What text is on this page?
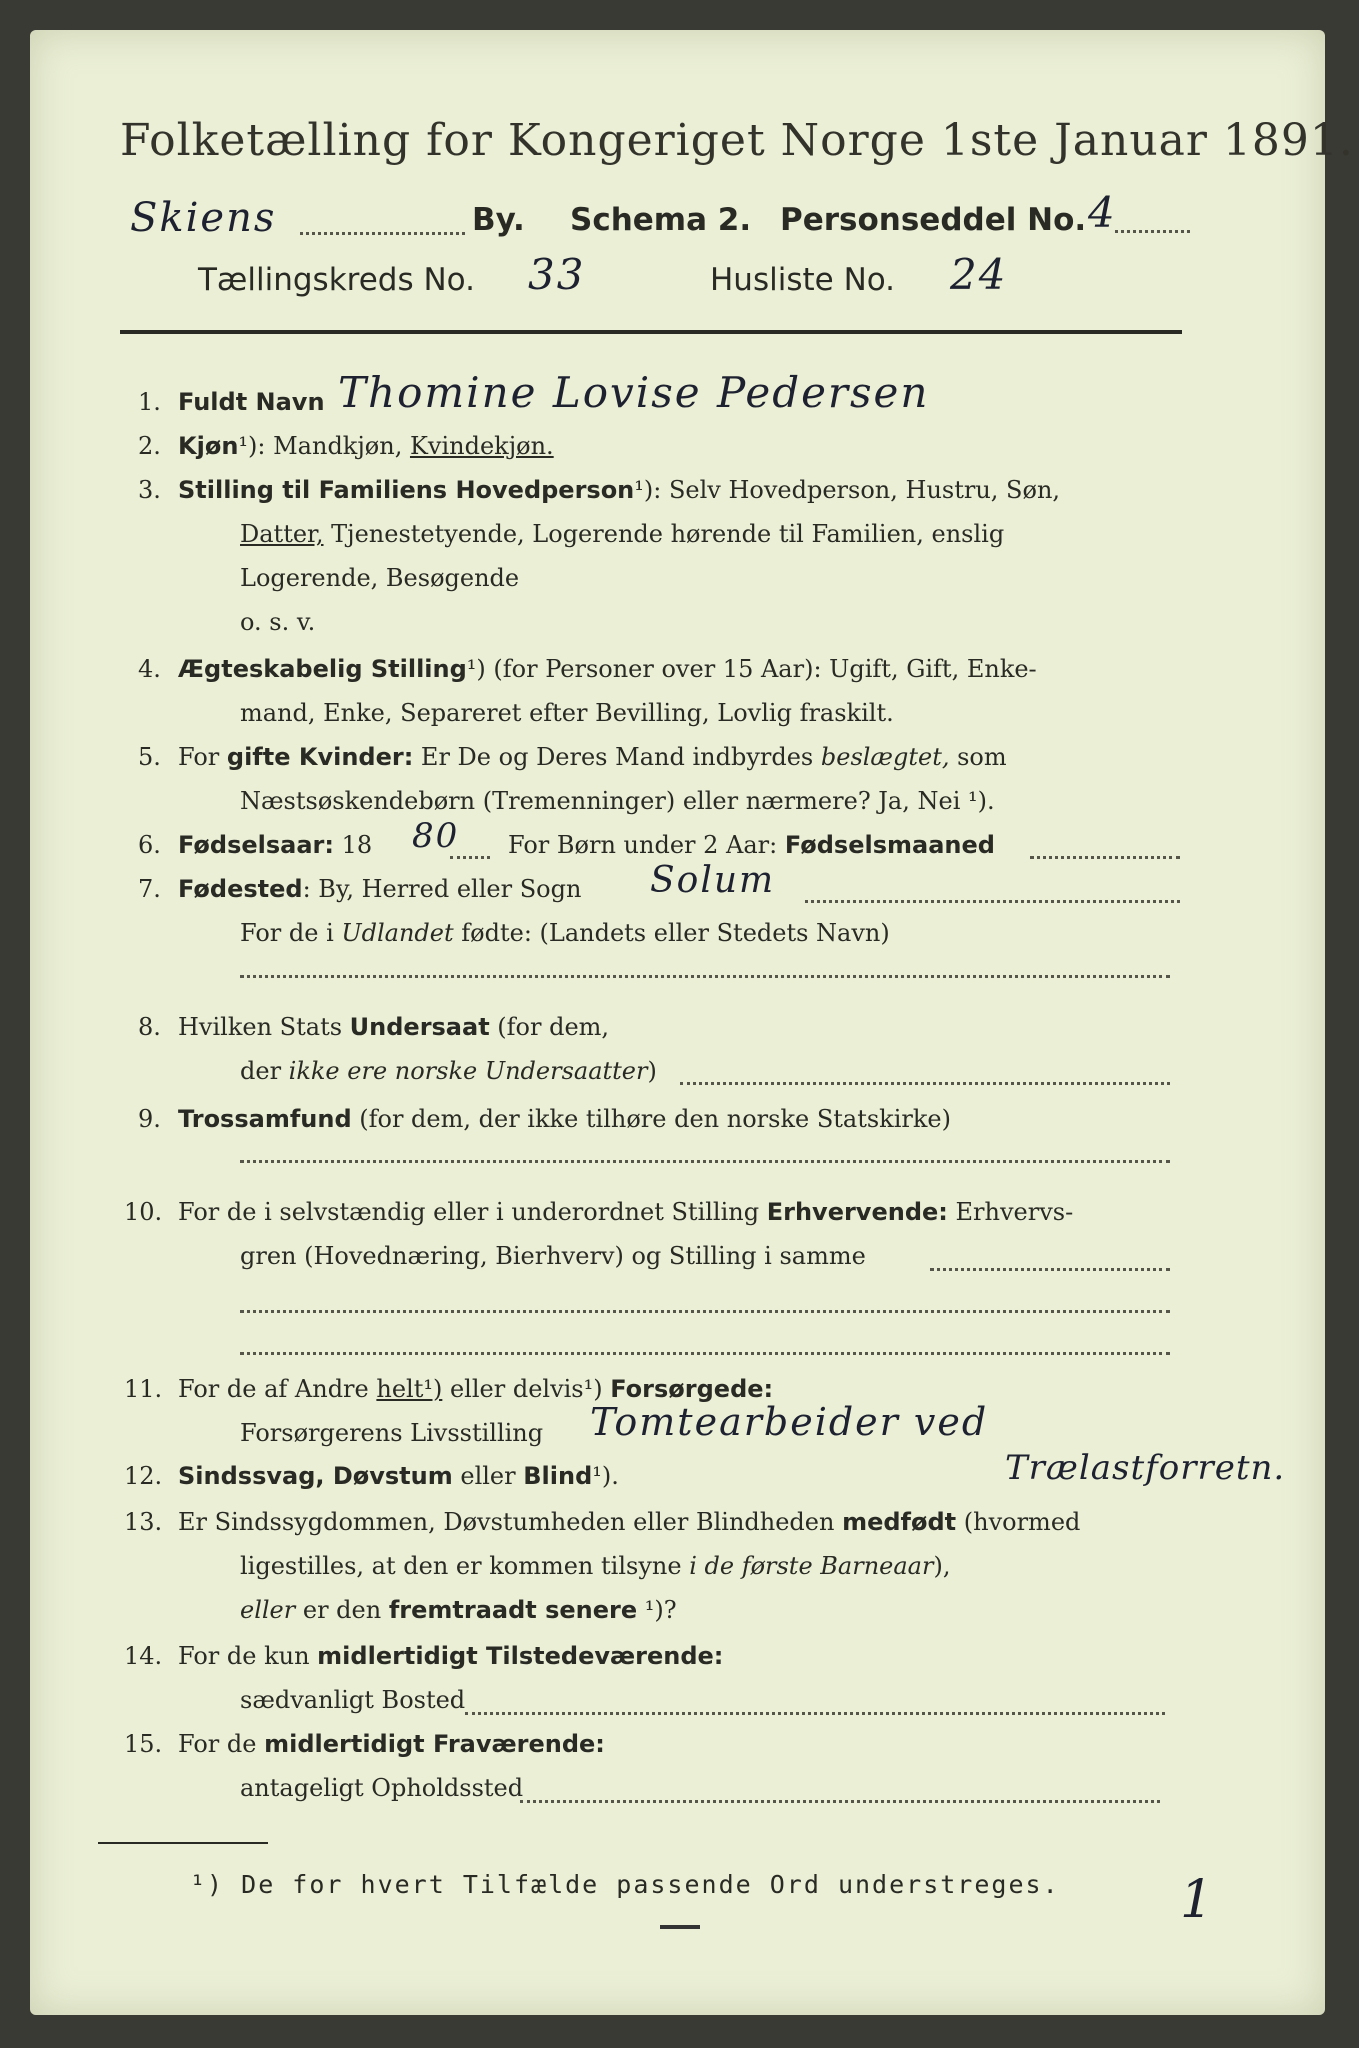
Folketælling for Kongeriget Norge 1ste Januar 1891.
Skiens	By. Schema 2. Personseddel No. 4
Tællingskreds No. 33	Husliste No. 24
1. Fuldt Navn Thomine Lovise Pedersen
2. Kjøn¹): Mandkjøn, Kvindekjøn.
3. Stilling til Familiens Hovedperson¹): Selv Hovedperson, Hustru, Søn,
Datter, Tjenestetyende, Logerende hørende til Familien, enslig
Logerende, Besøgende
o. s. v.
4. Ægteskabelig Stilling¹) (for Personer over 15 Aar): Ugift, Gift, Enke-
mand, Enke, Separeret efter Bevilling, Lovlig fraskilt.
5. For gifte Kvinder: Er De og Deres Mand indbyrdes beslægtet, som
Næstsøskendebørn (Tremenninger) eller nærmere? Ja, Nei ¹).
6. Fødselsaar: 18 80 For Børn under 2 Aar: Fødselsmaaned
7. Fødested: By, Herred eller Sogn Solum
For de i Udlandet fødte: (Landets eller Stedets Navn)
8. Hvilken Stats Undersaat (for dem,
der ikke ere norske Undersaatter)
9. Trossamfund (for dem, der ikke tilhøre den norske Statskirke)
10. For de i selvstændig eller i underordnet Stilling Erhvervende: Erhvervs-
gren (Hovednæring, Bierhverv) og Stilling i samme
11. For de af Andre helt¹) eller delvis¹) Forsørgede:
Forsørgerens Livsstilling Tomtearbeider ved
12. Sindssvag, Døvstum eller Blind¹).	Trælastforretn.
13. Er Sindssygdommen, Døvstumheden eller Blindheden medfødt (hvormed
ligestilles, at den er kommen tilsyne i de første Barneaar),
eller er den fremtraadt senere ¹)?
14. For de kun midlertidigt Tilstedeværende:
sædvanligt Bosted
15. For de midlertidigt Fraværende:
antageligt Opholdssted
¹) De for hvert Tilfælde passende Ord understreges. 1
